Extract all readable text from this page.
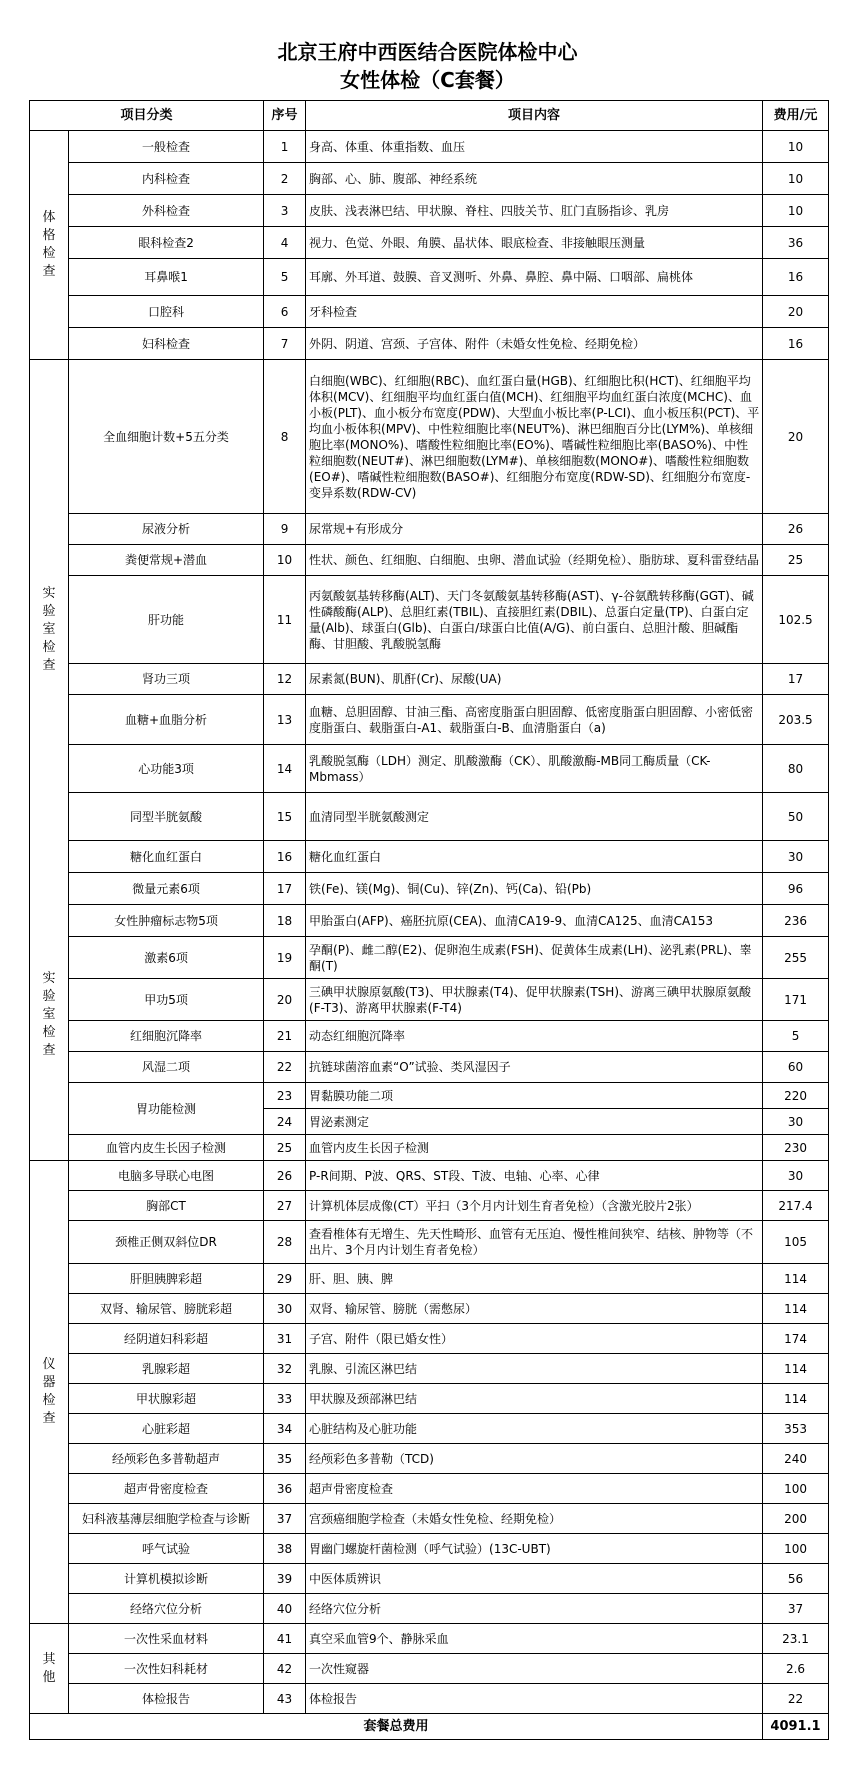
北京王府中西医结合医院体检中心
女性体检（C套餐）
项目分类		序号	项目内容	费用/元
体格检查	一般检查	1	身高、体重、体重指数、血压	10
	内科检查	2	胸部、心、肺、腹部、神经系统	10
	外科检查	3	皮肤、浅表淋巴结、甲状腺、脊柱、四肢关节、肛门直肠指诊、乳房	10
	眼科检查2	4	视力、色觉、外眼、角膜、晶状体、眼底检查、非接触眼压测量	36
	耳鼻喉1	5	耳廓、外耳道、鼓膜、音叉测听、外鼻、鼻腔、鼻中隔、口咽部、扁桃体	16
	口腔科	6	牙科检查	20
	妇科检查	7	外阴、阴道、宫颈、子宫体、附件（未婚女性免检、经期免检）	16

实验室检查
实验室检查	全血细胞计数+5五分类	8	白细胞(WBC)、红细胞(RBC)、血红蛋白量(HGB)、红细胞比积(HCT)、红细胞平均体积(MCV)、红细胞平均血红蛋白值(MCH)、红细胞平均血红蛋白浓度(MCHC)、血小板(PLT)、血小板分布宽度(PDW)、大型血小板比率(P-LCI)、血小板压积(PCT)、平均血小板体积(MPV)、中性粒细胞比率(NEUT%)、淋巴细胞百分比(LYM%)、单核细胞比率(MONO%)、嗜酸性粒细胞比率(EO%)、嗜碱性粒细胞比率(BASO%)、中性粒细胞数(NEUT#)、淋巴细胞数(LYM#)、单核细胞数(MONO#)、嗜酸性粒细胞数(EO#)、嗜碱性粒细胞数(BASO#)、红细胞分布宽度(RDW-SD)、红细胞分布宽度-变异系数(RDW-CV)	20
	尿液分析	9	尿常规+有形成分	26
	粪便常规+潜血	10	性状、颜色、红细胞、白细胞、虫卵、潜血试验（经期免检）、脂肪球、夏科雷登结晶	25
	肝功能	11	丙氨酸氨基转移酶(ALT)、天门冬氨酸氨基转移酶(AST)、γ-谷氨酰转移酶(GGT)、碱性磷酸酶(ALP)、总胆红素(TBIL)、直接胆红素(DBIL)、总蛋白定量(TP)、白蛋白定量(Alb)、球蛋白(Glb)、白蛋白/球蛋白比值(A/G)、前白蛋白、总胆汁酸、胆碱酯酶、甘胆酸、乳酸脱氢酶	102.5
	肾功三项	12	尿素氮(BUN)、肌酐(Cr)、尿酸(UA)	17
	血糖+血脂分析	13	血糖、总胆固醇、甘油三酯、高密度脂蛋白胆固醇、低密度脂蛋白胆固醇、小密低密度脂蛋白、载脂蛋白-A1、载脂蛋白-B、血清脂蛋白（a)	203.5
	心功能3项	14	乳酸脱氢酶（LDH）测定、肌酸激酶（CK）、肌酸激酶-MB同工酶质量（CK-Mbmass）	80
	同型半胱氨酸	15	血清同型半胱氨酸测定	50
	糖化血红蛋白	16	糖化血红蛋白	30
	微量元素6项	17	铁(Fe)、镁(Mg)、铜(Cu)、锌(Zn)、钙(Ca)、铅(Pb)	96
	女性肿瘤标志物5项	18	甲胎蛋白(AFP)、癌胚抗原(CEA)、血清CA19-9、血清CA125、血清CA153	236
	激素6项	19	孕酮(P)、雌二醇(E2)、促卵泡生成素(FSH)、促黄体生成素(LH)、泌乳素(PRL)、睾酮(T)	255
	甲功5项	20	三碘甲状腺原氨酸(T3)、甲状腺素(T4)、促甲状腺素(TSH)、游离三碘甲状腺原氨酸(F-T3)、游离甲状腺素(F-T4)	171
	红细胞沉降率	21	动态红细胞沉降率	5
	风湿二项	22	抗链球菌溶血素“O”试验、类风湿因子	60
	胃功能检测	23	胃黏膜功能二项	220
		24	胃泌素测定	30
	血管内皮生长因子检测	25	血管内皮生长因子检测	230
仪器检查	电脑多导联心电图	26	P-R间期、P波、QRS、ST段、T波、电轴、心率、心律	30
	胸部CT	27	计算机体层成像(CT）平扫（3个月内计划生育者免检）（含激光胶片2张）	217.4
	颈椎正侧双斜位DR	28	查看椎体有无增生、先天性畸形、血管有无压迫、慢性椎间狭窄、结核、肿物等（不出片、3个月内计划生育者免检）	105
	肝胆胰脾彩超	29	肝、胆、胰、脾	114
	双肾、输尿管、膀胱彩超	30	双肾、输尿管、膀胱（需憋尿）	114
	经阴道妇科彩超	31	子宫、附件（限已婚女性）	174
	乳腺彩超	32	乳腺、引流区淋巴结	114
	甲状腺彩超	33	甲状腺及颈部淋巴结	114
	心脏彩超	34	心脏结构及心脏功能	353
	经颅彩色多普勒超声	35	经颅彩色多普勒（TCD)	240
	超声骨密度检查	36	超声骨密度检查	100
	妇科液基薄层细胞学检查与诊断	37	宫颈癌细胞学检查（未婚女性免检、经期免检）	200
	呼气试验	38	胃幽门螺旋杆菌检测（呼气试验）(13C-UBT)	100
	计算机模拟诊断	39	中医体质辨识	56
	经络穴位分析	40	经络穴位分析	37
其他	一次性采血材料	41	真空采血管9个、静脉采血	23.1
	一次性妇科耗材	42	一次性窥器	2.6
	体检报告	43	体检报告	22
套餐总费用				4091.1
